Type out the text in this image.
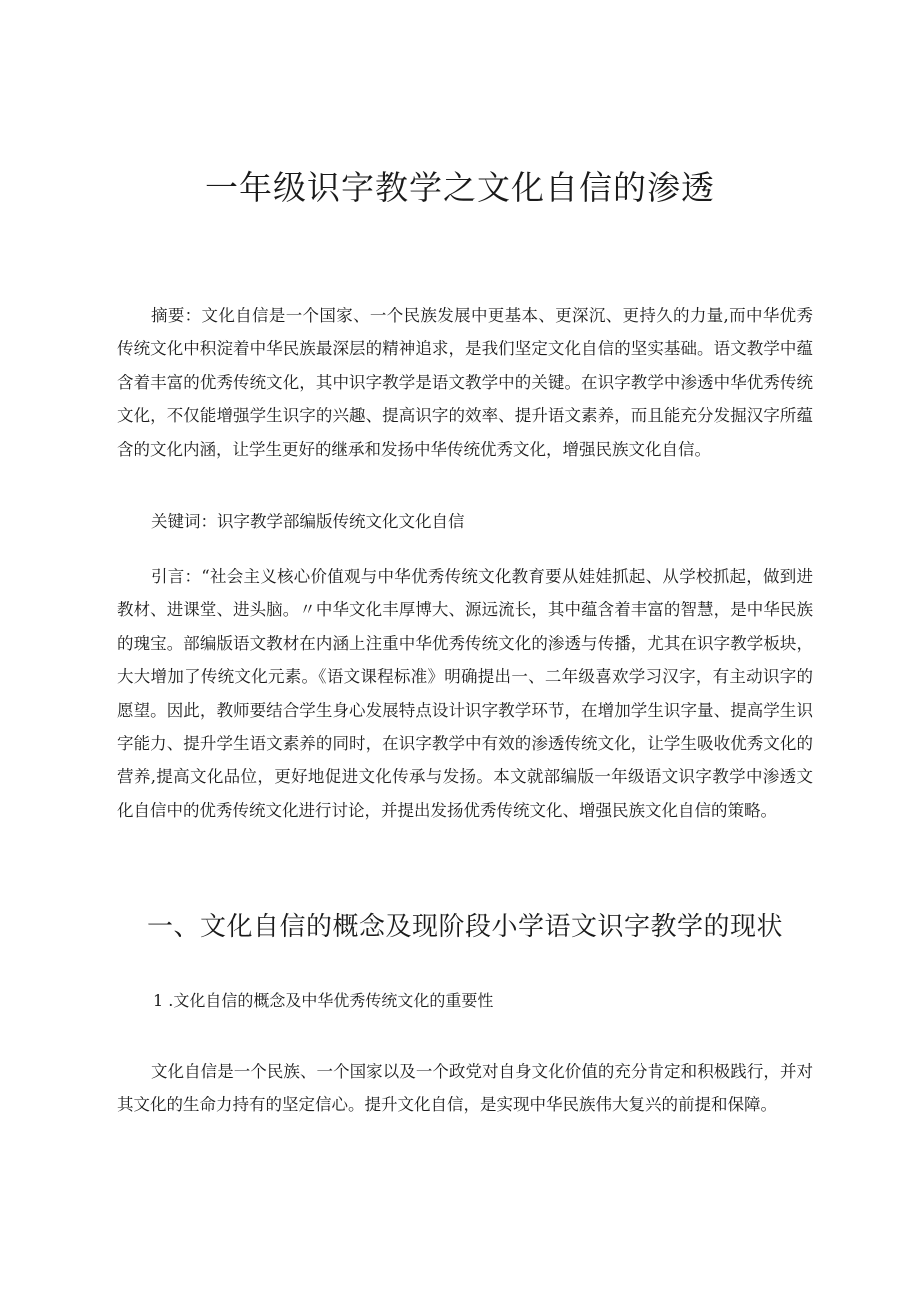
一年级识字教学之文化自信的渗透

摘要：文化自信是一个国家、一个民族发展中更基本、更深沉、更持久的力量,而中华优秀传统文化中积淀着中华民族最深层的精神追求，是我们坚定文化自信的坚实基础。语文教学中蕴含着丰富的优秀传统文化，其中识字教学是语文教学中的关键。在识字教学中渗透中华优秀传统文化，不仅能增强学生识字的兴趣、提高识字的效率、提升语文素养，而且能充分发掘汉字所蕴含的文化内涵，让学生更好的继承和发扬中华传统优秀文化，增强民族文化自信。

关键词：识字教学部编版传统文化文化自信

引言：“社会主义核心价值观与中华优秀传统文化教育要从娃娃抓起、从学校抓起，做到进教材、进课堂、进头脑。〃中华文化丰厚博大、源远流长，其中蕴含着丰富的智慧，是中华民族的瑰宝。部编版语文教材在内涵上注重中华优秀传统文化的渗透与传播，尤其在识字教学板块，大大增加了传统文化元素。《语文课程标准》明确提出一、二年级喜欢学习汉字，有主动识字的愿望。因此，教师要结合学生身心发展特点设计识字教学环节，在增加学生识字量、提高学生识字能力、提升学生语文素养的同时，在识字教学中有效的渗透传统文化，让学生吸收优秀文化的营养,提高文化品位，更好地促进文化传承与发扬。本文就部编版一年级语文识字教学中渗透文化自信中的优秀传统文化进行讨论，并提出发扬优秀传统文化、增强民族文化自信的策略。

一、文化自信的概念及现阶段小学语文识字教学的现状
1 .文化自信的概念及中华优秀传统文化的重要性

文化自信是一个民族、一个国家以及一个政党对自身文化价值的充分肯定和积极践行，并对其文化的生命力持有的坚定信心。提升文化自信，是实现中华民族伟大复兴的前提和保障。
